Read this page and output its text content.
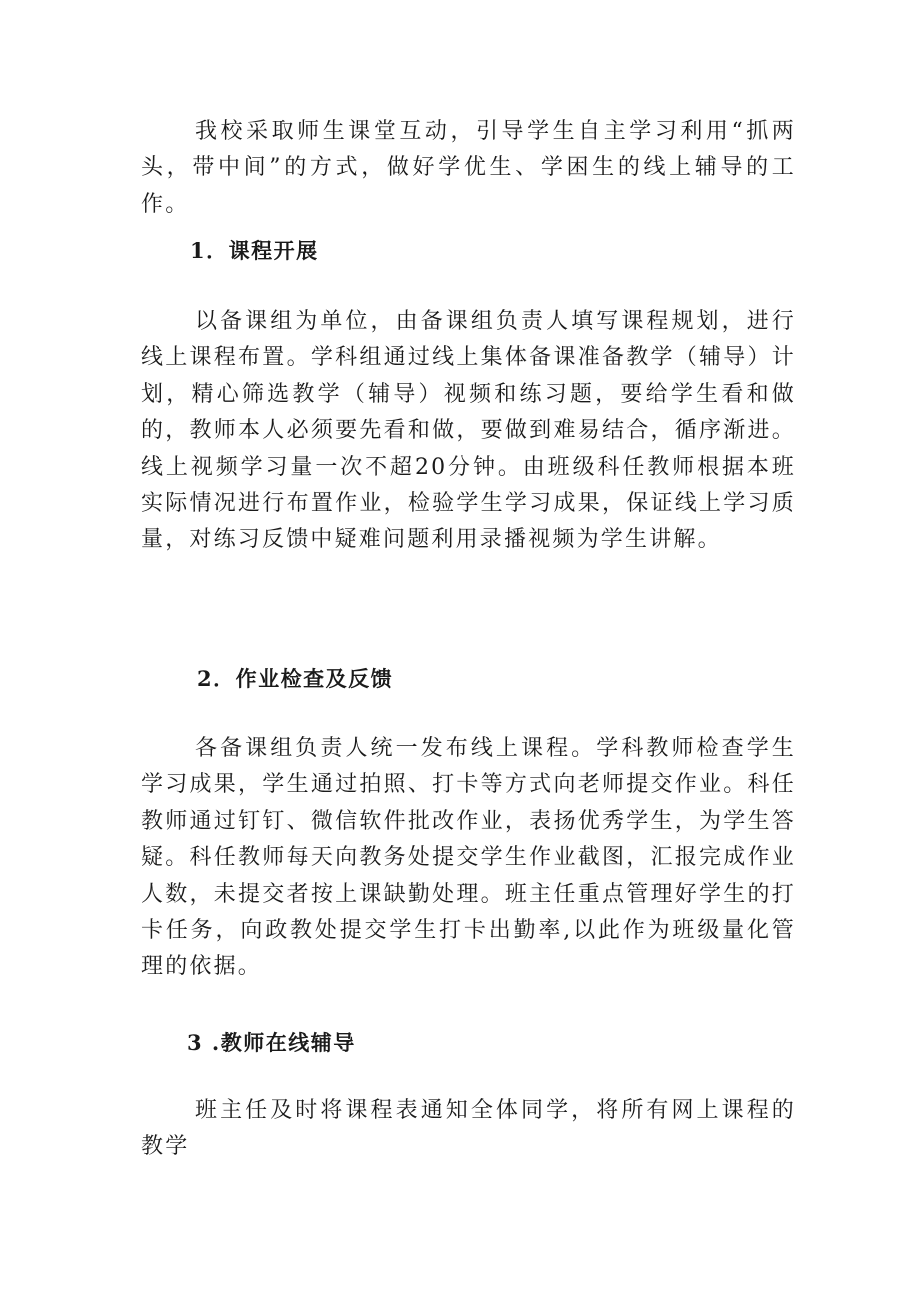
我校采取师生课堂互动，引导学生自主学习利用“抓两头，带中间”的方式，做好学优生、学困生的线上辅导的工作。

1．课程开展

以备课组为单位，由备课组负责人填写课程规划，进行线上课程布置。学科组通过线上集体备课准备教学（辅导）计划，精心筛选教学（辅导）视频和练习题，要给学生看和做的，教师本人必须要先看和做，要做到难易结合，循序渐进。线上视频学习量一次不超20分钟。由班级科任教师根据本班实际情况进行布置作业，检验学生学习成果，保证线上学习质量，对练习反馈中疑难问题利用录播视频为学生讲解。

2．作业检查及反馈

各备课组负责人统一发布线上课程。学科教师检查学生学习成果，学生通过拍照、打卡等方式向老师提交作业。科任教师通过钉钉、微信软件批改作业，表扬优秀学生，为学生答疑。科任教师每天向教务处提交学生作业截图，汇报完成作业人数，未提交者按上课缺勤处理。班主任重点管理好学生的打卡任务，向政教处提交学生打卡出勤率,以此作为班级量化管理的依据。

3 .教师在线辅导

班主任及时将课程表通知全体同学，将所有网上课程的教学
